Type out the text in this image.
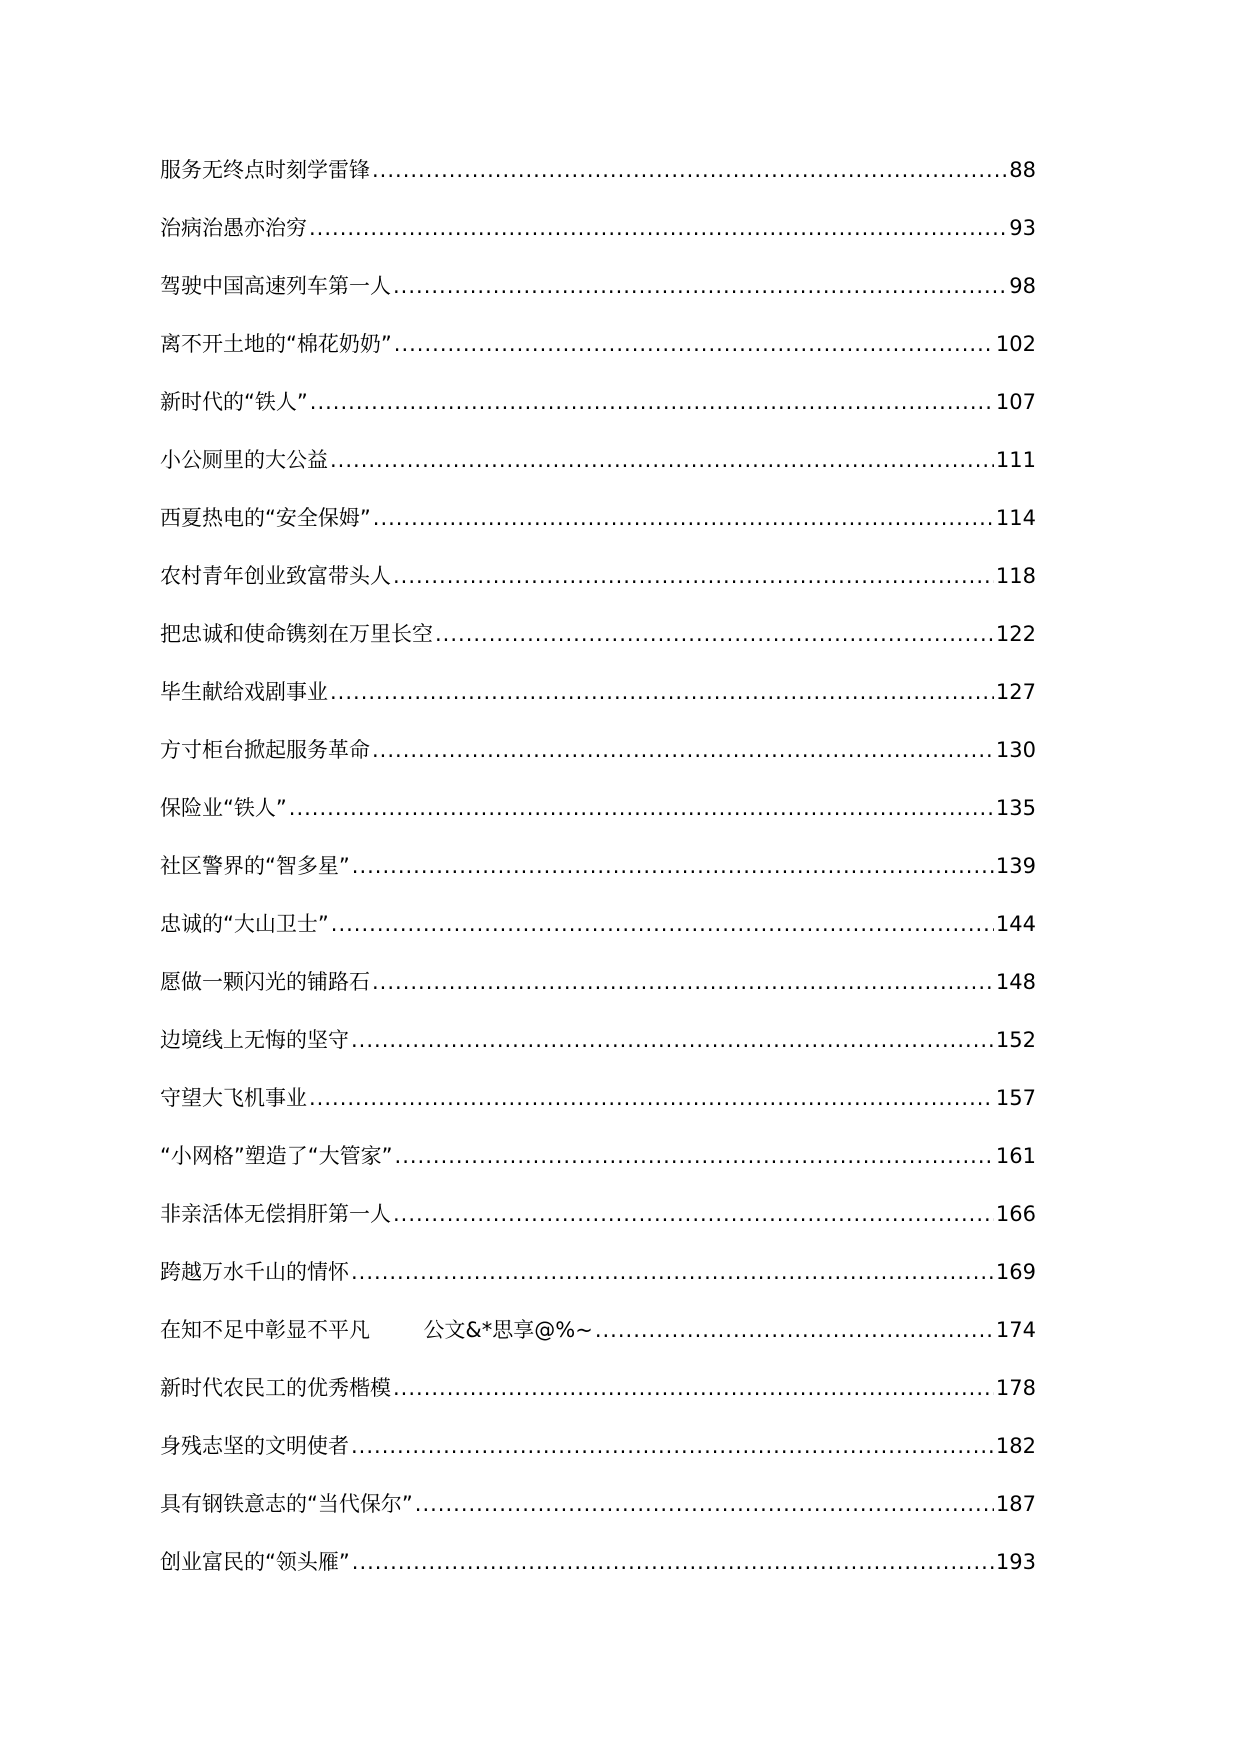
服务无终点时刻学雷锋 .....	88
治病治愚亦治穷 .....	93
驾驶中国高速列车第一人 .....	98
离不开土地的“棉花奶奶” .....	102
新时代的“铁人” .....	107
小公厕里的大公益 .....	111
西夏热电的“安全保姆” .....	114
农村青年创业致富带头人 .....	118
把忠诚和使命镌刻在万里长空 .....	122
毕生献给戏剧事业 .....	127
方寸柜台掀起服务革命 .....	130
保险业“铁人” .....	135
社区警界的“智多星” .....	139
忠诚的“大山卫士” .....	144
愿做一颗闪光的铺路石 .....	148
边境线上无悔的坚守 .....	152
守望大飞机事业 .....	157
“小网格”塑造了“大管家” .....	161
非亲活体无偿捐肝第一人 .....	166
跨越万水千山的情怀 .....	169
在知不足中彰显不平凡        公文&*思享@%~ .....	174
新时代农民工的优秀楷模 .....	178
身残志坚的文明使者 .....	182
具有钢铁意志的“当代保尔” .....	187
创业富民的“领头雁” .....	193
